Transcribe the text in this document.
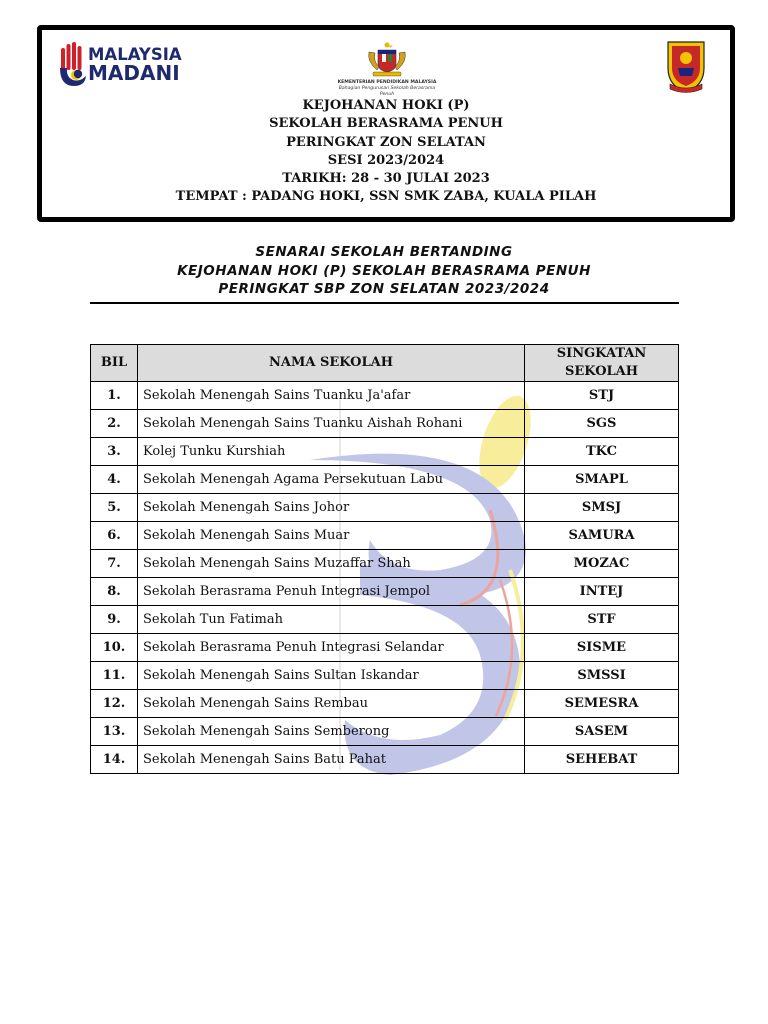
MALAYSIA
MADANI	KEMENTERIAN PENDIDIKAN MALAYSIA
Bahagian Pengurusan Sekolah Berasrama Penuh
KEJOHANAN HOKI (P)
SEKOLAH BERASRAMA PENUH
PERINGKAT ZON SELATAN
SESI 2023/2024
TARIKH: 28 - 30 JULAI 2023
TEMPAT : PADANG HOKI, SSN SMK ZABA, KUALA PILAH
SENARAI SEKOLAH BERTANDING
KEJOHANAN HOKI (P) SEKOLAH BERASRAMA PENUH
PERINGKAT SBP ZON SELATAN 2023/2024
BIL	NAMA SEKOLAH	SINGKATAN
SEKOLAH

1.	Sekolah Menengah Sains Tuanku Ja'afar	STJ
2.	Sekolah Menengah Sains Tuanku Aishah Rohani	SGS
3.	Kolej Tunku Kurshiah	TKC
4.	Sekolah Menengah Agama Persekutuan Labu	SMAPL
5.	Sekolah Menengah Sains Johor	SMSJ
6.	Sekolah Menengah Sains Muar	SAMURA
7.	Sekolah Menengah Sains Muzaffar Shah	MOZAC
8.	Sekolah Berasrama Penuh Integrasi Jempol	INTEJ
9.	Sekolah Tun Fatimah	STF
10.	Sekolah Berasrama Penuh Integrasi Selandar	SISME
11.	Sekolah Menengah Sains Sultan Iskandar	SMSSI
12.	Sekolah Menengah Sains Rembau	SEMESRA
13.	Sekolah Menengah Sains Semberong	SASEM
14.	Sekolah Menengah Sains Batu Pahat	SEHEBAT
